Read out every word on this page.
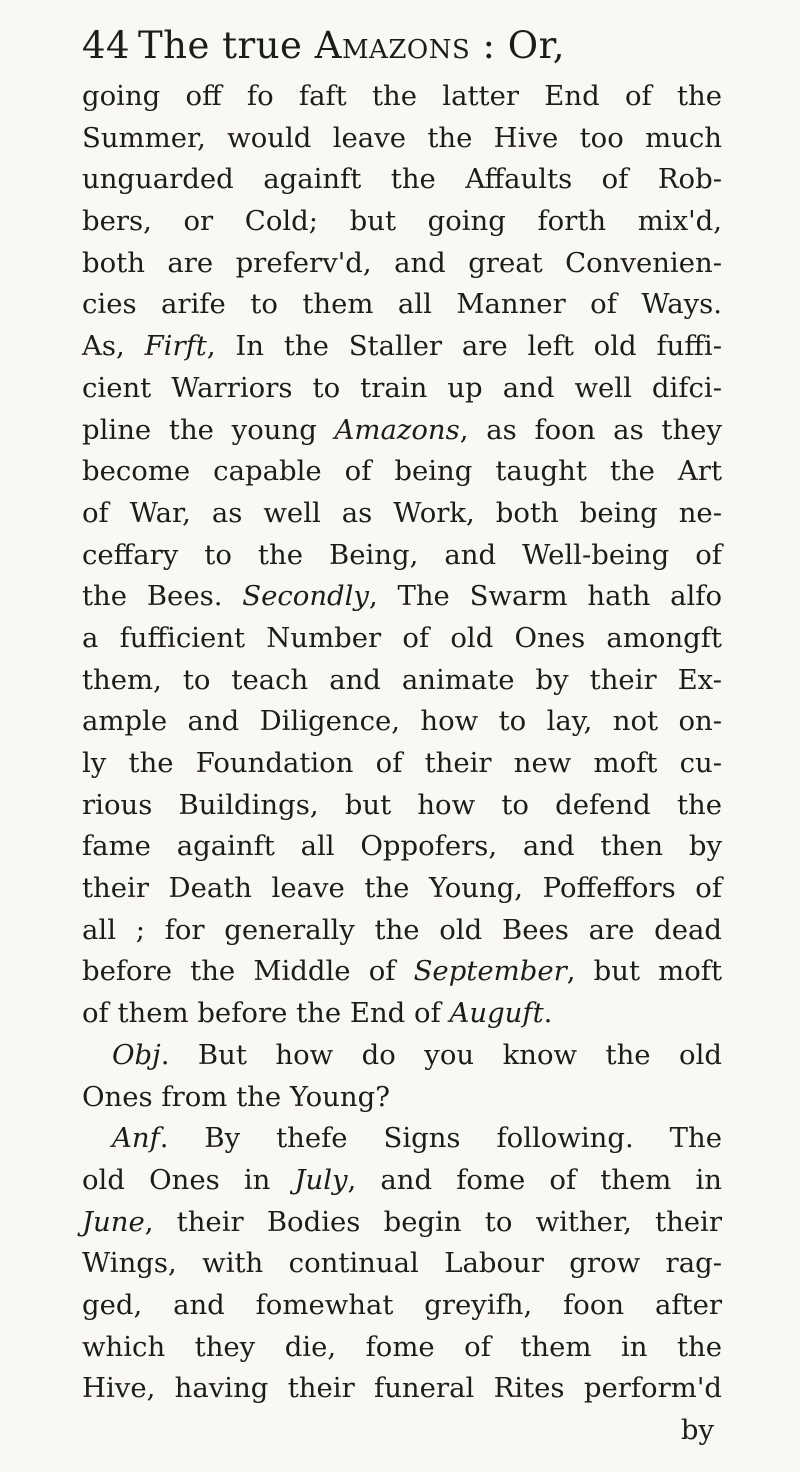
44 The true Amazons : Or,
going off fo faft the latter End of the
Summer, would leave the Hive too much
unguarded againft the Affaults of Rob-
bers, or Cold; but going forth mix'd,
both are preferv'd, and great Convenien-
cies arife to them all Manner of Ways.
As, Firft, In the Staller are left old fuffi-
cient Warriors to train up and well difci-
pline the young Amazons, as foon as they
become capable of being taught the Art
of War, as well as Work, both being ne-
ceffary to the Being, and Well-being of
the Bees. Secondly, The Swarm hath alfo
a fufficient Number of old Ones amongft
them, to teach and animate by their Ex-
ample and Diligence, how to lay, not on-
ly the Foundation of their new moft cu-
rious Buildings, but how to defend the
fame againft all Oppofers, and then by
their Death leave the Young, Poffeffors of
all ; for generally the old Bees are dead
before the Middle of September, but moft
of them before the End of Auguft.
Obj. But how do you know the old
Ones from the Young?
Anf. By thefe Signs following. The
old Ones in July, and fome of them in
June, their Bodies begin to wither, their
Wings, with continual Labour grow rag-
ged, and fomewhat greyifh, foon after
which they die, fome of them in the
Hive, having their funeral Rites perform'd
by
